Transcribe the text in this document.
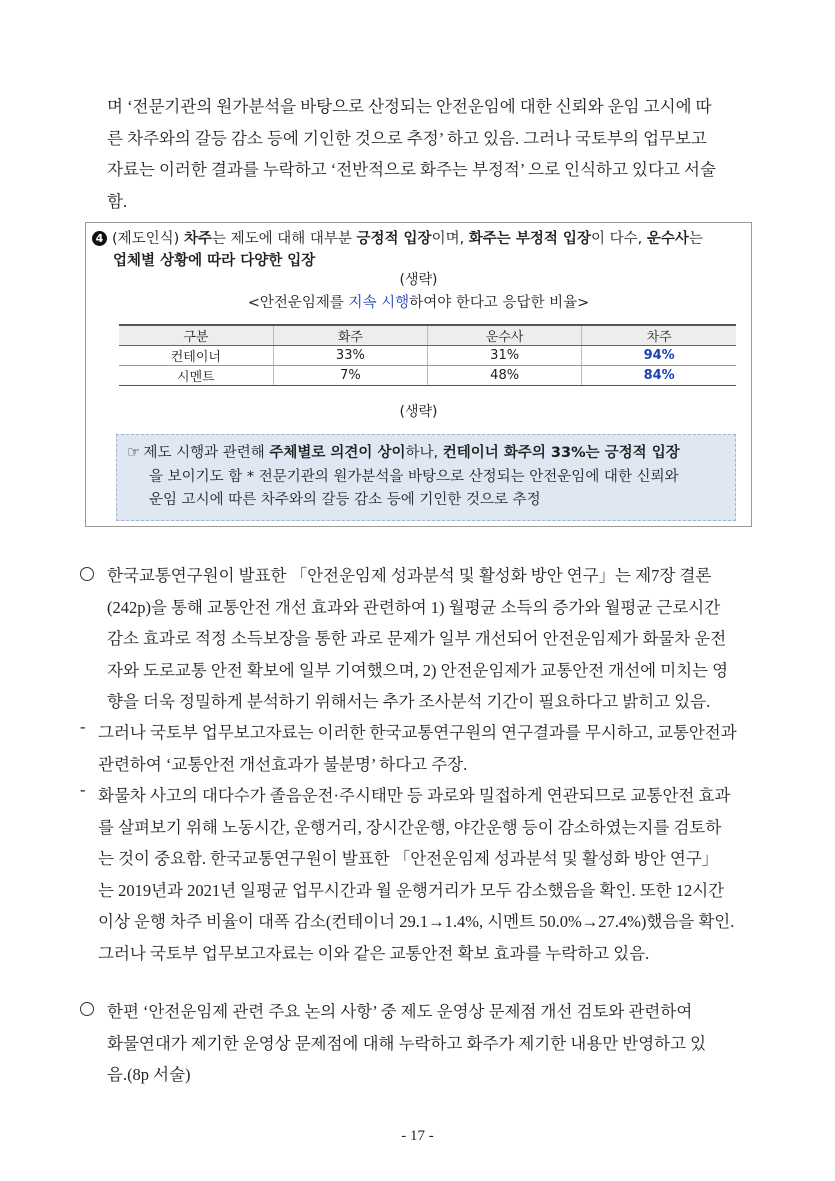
며 ‘전문기관의 원가분석을 바탕으로 산정되는 안전운임에 대한 신뢰와 운임 고시에 따
른 차주와의 갈등 감소 등에 기인한 것으로 추정’ 하고 있음. 그러나 국토부의 업무보고
자료는 이러한 결과를 누락하고 ‘전반적으로 화주는 부정적’ 으로 인식하고 있다고 서술
함.
4 (제도인식) 차주는 제도에 대해 대부분 긍정적 입장이며, 화주는 부정적 입장이 다수, 운수사는
업체별 상황에 따라 다양한 입장
(생략)
<안전운임제를 지속 시행하여야 한다고 응답한 비율>
구분	화주	운수사	차주
컨테이너	33%	31%	94%
시멘트	7%	48%	84%
(생략)
☞ 제도 시행과 관련해 주체별로 의견이 상이하나, 컨테이너 화주의 33%는 긍정적 입장
을 보이기도 함 * 전문기관의 원가분석을 바탕으로 산정되는 안전운임에 대한 신뢰와
운임 고시에 따른 차주와의 갈등 감소 등에 기인한 것으로 추정
한국교통연구원이 발표한 「안전운임제 성과분석 및 활성화 방안 연구」는 제7장 결론
(242p)을 통해 교통안전 개선 효과와 관련하여 1) 월평균 소득의 증가와 월평균 근로시간
감소 효과로 적정 소득보장을 통한 과로 문제가 일부 개선되어 안전운임제가 화물차 운전
자와 도로교통 안전 확보에 일부 기여했으며, 2) 안전운임제가 교통안전 개선에 미치는 영
향을 더욱 정밀하게 분석하기 위해서는 추가 조사분석 기간이 필요하다고 밝히고 있음.
- 그러나 국토부 업무보고자료는 이러한 한국교통연구원의 연구결과를 무시하고, 교통안전과
관련하여 ‘교통안전 개선효과가 불분명’ 하다고 주장.
- 화물차 사고의 대다수가 졸음운전·주시태만 등 과로와 밀접하게 연관되므로 교통안전 효과
를 살펴보기 위해 노동시간, 운행거리, 장시간운행, 야간운행 등이 감소하였는지를 검토하
는 것이 중요함. 한국교통연구원이 발표한 「안전운임제 성과분석 및 활성화 방안 연구」
는 2019년과 2021년 일평균 업무시간과 월 운행거리가 모두 감소했음을 확인. 또한 12시간
이상 운행 차주 비율이 대폭 감소(컨테이너 29.1→1.4%, 시멘트 50.0%→27.4%)했음을 확인.
그러나 국토부 업무보고자료는 이와 같은 교통안전 확보 효과를 누락하고 있음.
한편 ‘안전운임제 관련 주요 논의 사항’ 중 제도 운영상 문제점 개선 검토와 관련하여
화물연대가 제기한 운영상 문제점에 대해 누락하고 화주가 제기한 내용만 반영하고 있
음.(8p 서술)
- 17 -
